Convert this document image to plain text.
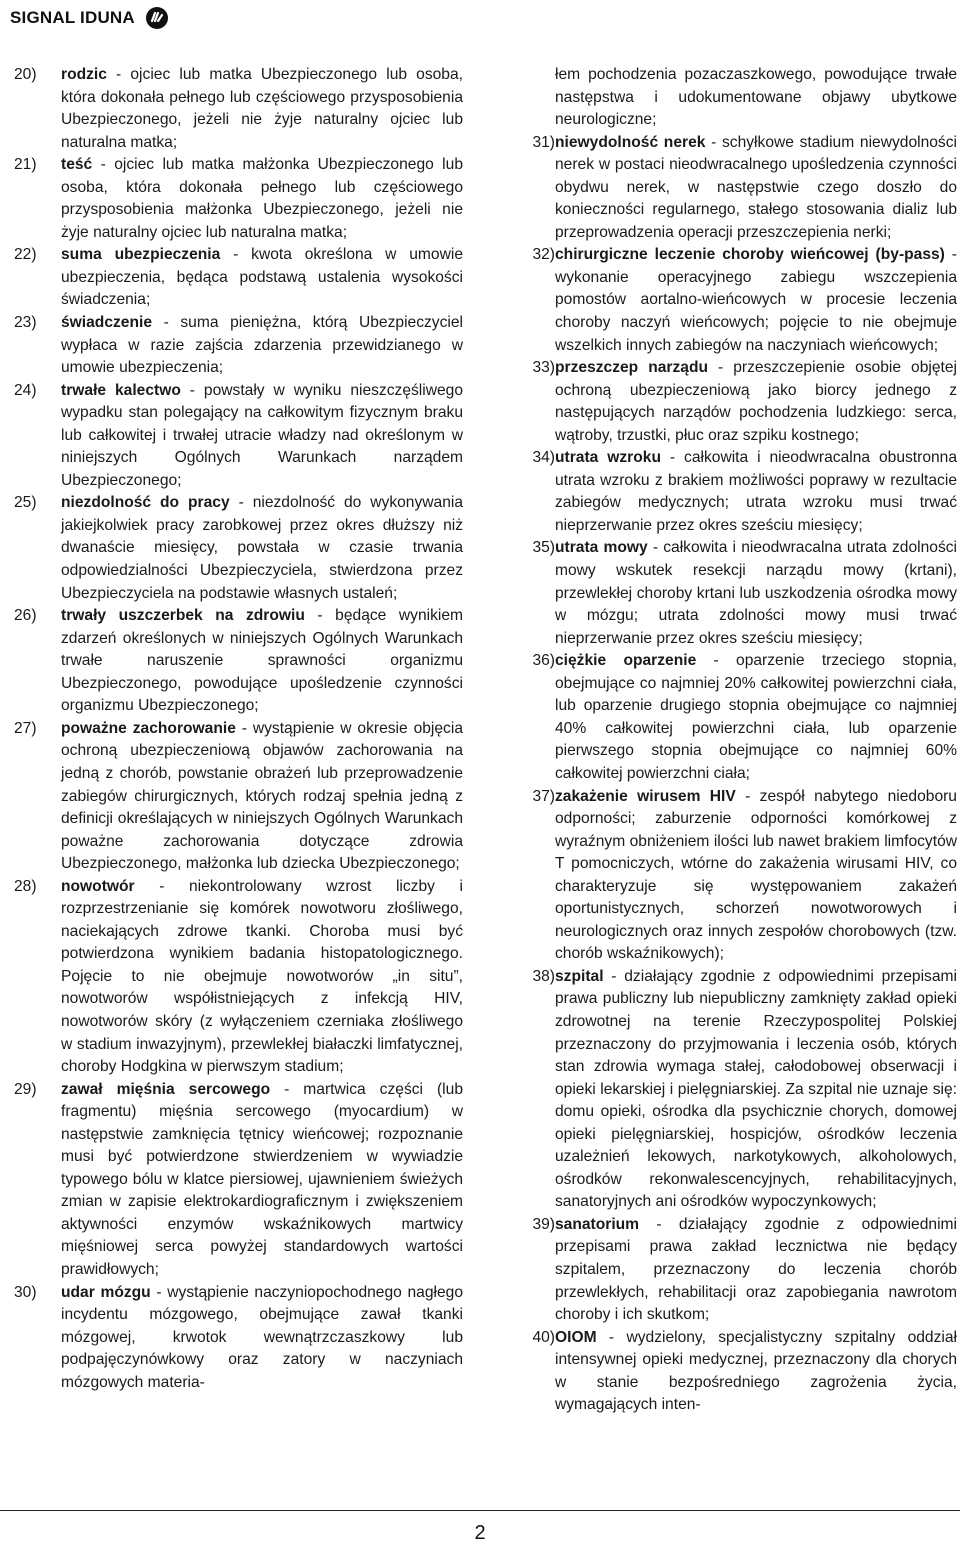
SIGNAL IDUNA
20)	rodzic - ojciec lub matka Ubezpieczonego lub osoba, która dokonała pełnego lub częściowego przysposobienia Ubezpieczonego, jeżeli nie żyje naturalny ojciec lub naturalna matka;
21)	teść - ojciec lub matka małżonka Ubezpieczonego lub osoba, która dokonała pełnego lub częściowego przysposobienia małżonka Ubezpieczonego, jeżeli nie żyje naturalny ojciec lub naturalna matka;
22)	suma ubezpieczenia - kwota określona w umowie ubezpieczenia, będąca podstawą ustalenia wysokości świadczenia;
23)	świadczenie - suma pieniężna, którą Ubezpieczyciel wypłaca w razie zajścia zdarzenia przewidzianego w umowie ubezpieczenia;
24)	trwałe kalectwo - powstały w wyniku nieszczęśliwego wypadku stan polegający na całkowitym fizycznym braku lub całkowitej i trwałej utracie władzy nad określonym w niniejszych Ogólnych Warunkach narządem Ubezpieczonego;
25)	niezdolność do pracy - niezdolność do wykonywania jakiejkolwiek pracy zarobkowej przez okres dłuższy niż dwanaście miesięcy, powstała w czasie trwania odpowiedzialności Ubezpieczyciela, stwierdzona przez Ubezpieczyciela na podstawie własnych ustaleń;
26)	trwały uszczerbek na zdrowiu - będące wynikiem zdarzeń określonych w niniejszych Ogólnych Warunkach trwałe naruszenie sprawności organizmu Ubezpieczonego, powodujące upośledzenie czynności organizmu Ubezpieczonego;
27)	poważne zachorowanie - wystąpienie w okresie objęcia ochroną ubezpieczeniową objawów zachorowania na jedną z chorób, powstanie obrażeń lub przeprowadzenie zabiegów chirurgicznych, których rodzaj spełnia jedną z definicji określających w niniejszych Ogólnych Warunkach poważne zachorowania dotyczące zdrowia Ubezpieczonego, małżonka lub dziecka Ubezpieczonego;
28)	nowotwór - niekontrolowany wzrost liczby i rozprzestrzenianie się komórek nowotworu złośliwego, naciekających zdrowe tkanki. Choroba musi być potwierdzona wynikiem badania histopatologicznego. Pojęcie to nie obejmuje nowotworów „in situ”, nowotworów współistniejących z infekcją HIV, nowotworów skóry (z wyłączeniem czerniaka złośliwego w stadium inwazyjnym), przewlekłej białaczki limfatycznej, choroby Hodgkina w pierwszym stadium;
29)	zawał mięśnia sercowego - martwica części (lub fragmentu) mięśnia sercowego (myocardium) w następstwie zamknięcia tętnicy wieńcowej; rozpoznanie musi być potwierdzone stwierdzeniem w wywiadzie typowego bólu w klatce piersiowej, ujawnieniem świeżych zmian w zapisie elektrokardiograficznym i zwiększeniem aktywności enzymów wskaźnikowych martwicy mięśniowej serca powyżej standardowych wartości prawidłowych;
30)	udar mózgu - wystąpienie naczyniopochodnego nagłego incydentu mózgowego, obejmujące zawał tkanki mózgowej, krwotok wewnątrzczaszkowy lub podpajęczynówkowy oraz zatory w naczyniach mózgowych materia-
łem pochodzenia pozaczaszkowego, powodujące trwałe następstwa i udokumentowane objawy ubytkowe neurologiczne;
31) niewydolność nerek - schyłkowe stadium niewydolności nerek w postaci nieodwracalnego upośledzenia czynności obydwu nerek, w następstwie czego doszło do konieczności regularnego, stałego stosowania dializ lub przeprowadzenia operacji przeszczepienia nerki;
32) chirurgiczne leczenie choroby wieńcowej (by-pass) - wykonanie operacyjnego zabiegu wszczepienia pomostów aortalno-wieńcowych w procesie leczenia choroby naczyń wieńcowych; pojęcie to nie obejmuje wszelkich innych zabiegów na naczyniach wieńcowych;
33) przeszczep narządu - przeszczepienie osobie objętej ochroną ubezpieczeniową jako biorcy jednego z następujących narządów pochodzenia ludzkiego: serca, wątroby, trzustki, płuc oraz szpiku kostnego;
34) utrata wzroku - całkowita i nieodwracalna obustronna utrata wzroku z brakiem możliwości poprawy w rezultacie zabiegów medycznych; utrata wzroku musi trwać nieprzerwanie przez okres sześciu miesięcy;
35) utrata mowy - całkowita i nieodwracalna utrata zdolności mowy wskutek resekcji narządu mowy (krtani), przewlekłej choroby krtani lub uszkodzenia ośrodka mowy w mózgu; utrata zdolności mowy musi trwać nieprzerwanie przez okres sześciu miesięcy;
36) ciężkie oparzenie - oparzenie trzeciego stopnia, obejmujące co najmniej 20% całkowitej powierzchni ciała, lub oparzenie drugiego stopnia obejmujące co najmniej 40% całkowitej powierzchni ciała, lub oparzenie pierwszego stopnia obejmujące co najmniej 60% całkowitej powierzchni ciała;
37) zakażenie wirusem HIV - zespół nabytego niedoboru odporności; zaburzenie odporności komórkowej z wyraźnym obniżeniem ilości lub nawet brakiem limfocytów T pomocniczych, wtórne do zakażenia wirusami HIV, co charakteryzuje się występowaniem zakażeń oportunistycznych, schorzeń nowotworowych i neurologicznych oraz innych zespołów chorobowych (tzw. chorób wskaźnikowych);
38) szpital - działający zgodnie z odpowiednimi przepisami prawa publiczny lub niepubliczny zamknięty zakład opieki zdrowotnej na terenie Rzeczypospolitej Polskiej przeznaczony do przyjmowania i leczenia osób, których stan zdrowia wymaga stałej, całodobowej obserwacji i opieki lekarskiej i pielęgniarskiej. Za szpital nie uznaje się: domu opieki, ośrodka dla psychicznie chorych, domowej opieki pielęgniarskiej, hospicjów, ośrodków leczenia uzależnień lekowych, narkotykowych, alkoholowych, ośrodków rekonwalescencyjnych, rehabilitacyjnych, sanatoryjnych ani ośrodków wypoczynkowych;
39) sanatorium - działający zgodnie z odpowiednimi przepisami prawa zakład lecznictwa nie będący szpitalem, przeznaczony do leczenia chorób przewlekłych, rehabilitacji oraz zapobiegania nawrotom choroby i ich skutkom;
40) OIOM - wydzielony, specjalistyczny szpitalny oddział intensywnej opieki medycznej, przeznaczony dla chorych w stanie bezpośredniego zagrożenia życia, wymagających inten-
2
